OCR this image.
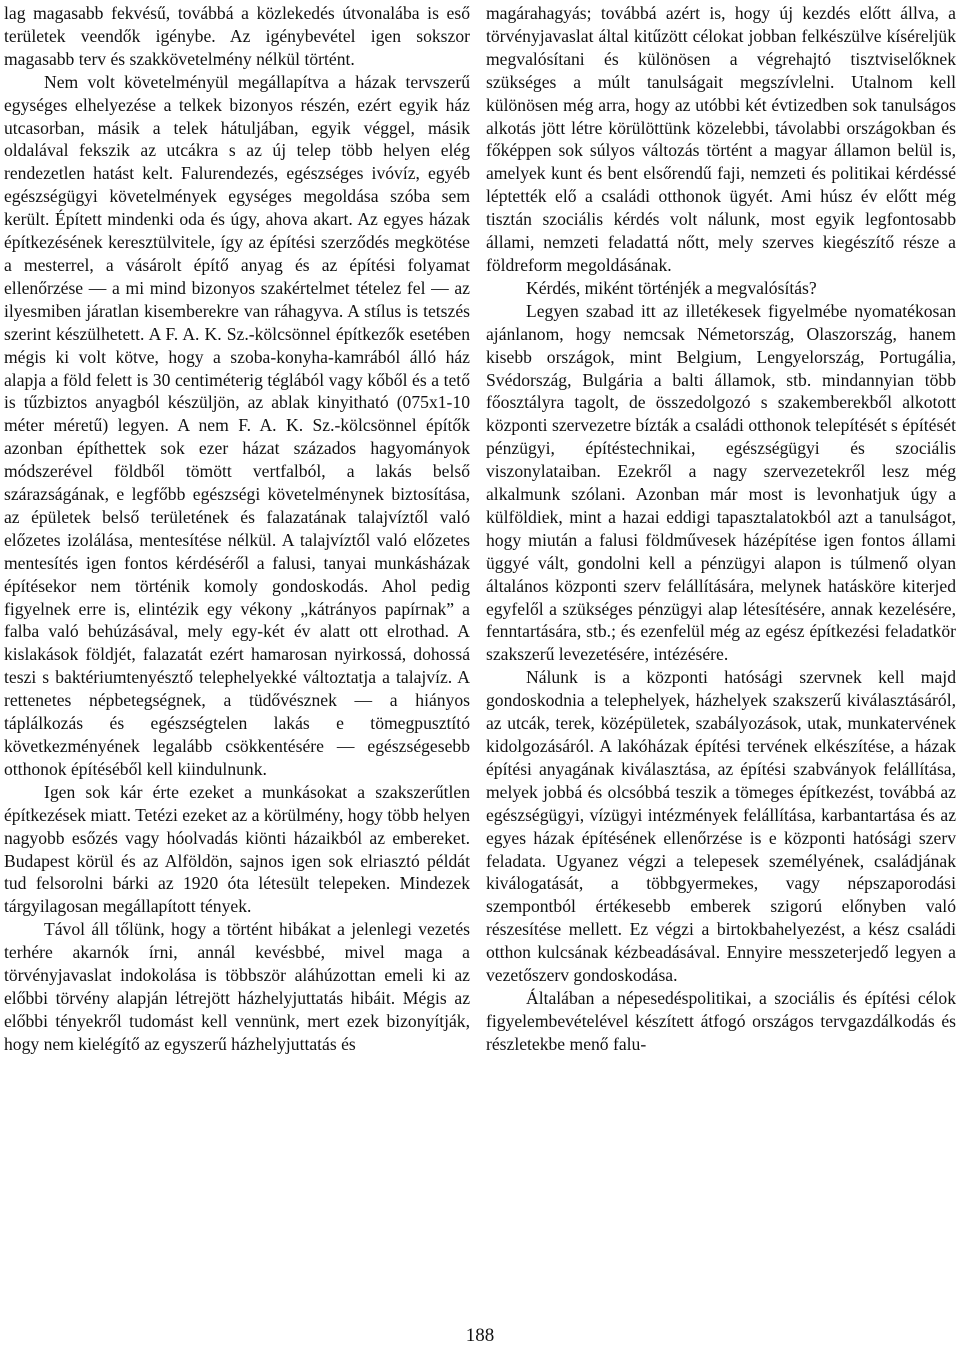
lag magasabb fekvésű, továbbá a közlekedés útvonalába is eső területek veendők igénybe. Az igénybevétel igen sokszor magasabb terv és szakkövetelmény nélkül történt.

Nem volt követelményül megállapítva a házak tervszerű egységes elhelyezése a telkek bizonyos részén, ezért egyik ház utcasorban, másik a telek hátuljában, egyik véggel, másik oldalával fekszik az utcákra s az új telep több helyen elég rendezetlen hatást kelt. Falurendezés, egészséges ivóvíz, egyéb egészségügyi követelmények egységes megoldása szóba sem került. Épített mindenki oda és úgy, ahova akart. Az egyes házak építkezésének keresztülvitele, így az építési szerződés megkötése a mesterrel, a vásárolt építő anyag és az építési folyamat ellenőrzése — a mi mind bizonyos szakértelmet tételez fel — az ilyesmiben járatlan kisemberekre van ráhagyva. A stílus is tetszés szerint készülhetett. A F. A. K. Sz.-kölcsönnel építkezők esetében mégis ki volt kötve, hogy a szoba-konyha-kamrából álló ház alapja a föld felett is 30 centiméterig téglából vagy kőből és a tető is tűzbiztos anyagból készüljön, az ablak kinyitható (075x1-10 méter méretű) legyen. A nem F. A. K. Sz.-kölcsönnel építők azonban építhettek sok ezer házat százados hagyományok módszerével földből tömött vertfalból, a lakás belső szárazságának, e legfőbb egészségi követelménynek biztosítása, az épületek belső területének és falazatának talajvíztől való előzetes izolálása, mentesítése nélkül. A talajvíztől való előzetes mentesítés igen fontos kérdéséről a falusi, tanyai munkásházak építésekor nem történik komoly gondoskodás. Ahol pedig figyelnek erre is, elintézik egy vékony „kátrányos papírnak” a falba való behúzásával, mely egy-két év alatt ott elrothad. A kislakások földjét, falazatát ezért hamarosan nyirkossá, dohossá teszi s baktériumtenyésztő telephelyekké változtatja a talajvíz. A rettenetes népbetegségnek, a tüdővésznek — a hiányos táplálkozás és egészségtelen lakás e tömegpusztító következményének legalább csökkentésére — egészségesebb otthonok építéséből kell kiindulnunk.

Igen sok kár érte ezeket a munkásokat a szakszerűtlen építkezések miatt. Tetézi ezeket az a körülmény, hogy több helyen nagyobb esőzés vagy hóolvadás kiönti házaikból az embereket. Budapest körül és az Alföldön, sajnos igen sok elriasztó példát tud felsorolni bárki az 1920 óta létesült telepeken. Mindezek tárgyilagosan megállapított tények.

Távol áll tőlünk, hogy a történt hibákat a jelenlegi vezetés terhére akarnók írni, annál kevésbbé, mivel maga a törvényjavaslat indokolása is többször aláhúzottan emeli ki az előbbi törvény alapján létrejött házhelyjuttatás hibáit. Mégis az előbbi tényekről tudomást kell vennünk, mert ezek bizonyítják, hogy nem kielégítő az egyszerű házhelyjuttatás és

magárahagyás; továbbá azért is, hogy új kezdés előtt állva, a törvényjavaslat által kitűzött célokat jobban felkészülve kíséreljük megvalósítani és különösen a végrehajtó tisztviselőknek szükséges a múlt tanulságait megszívlelni. Utalnom kell különösen még arra, hogy az utóbbi két évtizedben sok tanulságos alkotás jött létre körülöttünk közelebbi, távolabbi országokban és főképpen sok súlyos változás történt a magyar államon belül is, amelyek kunt és bent elsőrendű faji, nemzeti és politikai kérdéssé léptették elő a családi otthonok ügyét. Ami húsz év előtt még tisztán szociális kérdés volt nálunk, most egyik legfontosabb állami, nemzeti feladattá nőtt, mely szerves kiegészítő része a földreform megoldásának.

Kérdés, miként történjék a megvalósítás?

Legyen szabad itt az illetékesek figyelmébe nyomatékosan ajánlanom, hogy nemcsak Németország, Olaszország, hanem kisebb országok, mint Belgium, Lengyelország, Portugália, Svédország, Bulgária a balti államok, stb. mindannyian több főosztályra tagolt, de összedolgozó s szakemberekből alkotott központi szervezetre bízták a családi otthonok telepítését s építését pénzügyi, építéstechnikai, egészségügyi és szociális viszonylataiban. Ezekről a nagy szervezetekről lesz még alkalmunk szólani. Azonban már most is levonhatjuk úgy a külföldiek, mint a hazai eddigi tapasztalatokból azt a tanulságot, hogy miután a falusi földművesek házépítése igen fontos állami üggyé vált, gondolni kell a pénzügyi alapon is túlmenő olyan általános központi szerv felállítására, melynek hatásköre kiterjed egyfelől a szükséges pénzügyi alap létesítésére, annak kezelésére, fenntartására, stb.; és ezenfelül még az egész építkezési feladatkör szakszerű levezetésére, intézésére.

Nálunk is a központi hatósági szervnek kell majd gondoskodnia a telephelyek, házhelyek szakszerű kiválasztásáról, az utcák, terek, középületek, szabályozások, utak, munkatervének kidolgozásáról. A lakóházak építési tervének elkészítése, a házak építési anyagának kiválasztása, az építési szabványok felállítása, melyek jobbá és olcsóbbá teszik a tömeges építkezést, továbbá az egészségügyi, vízügyi intézmények felállítása, karbantartása és az egyes házak építésének ellenőrzése is e központi hatósági szerv feladata. Ugyanez végzi a telepesek személyének, családjának kiválogatását, a többgyermekes, vagy népszaporodási szempontból értékesebb emberek szigorú előnyben való részesítése mellett. Ez végzi a birtokbahelyezést, a kész családi otthon kulcsának kézbeadásával. Ennyire messzeterjedő legyen a vezetőszerv gondoskodása.

Általában a népesedéspolitikai, a szociális és építési célok figyelembevételével készített átfogó országos tervgazdálkodás és részletekbe menő falu-

188
